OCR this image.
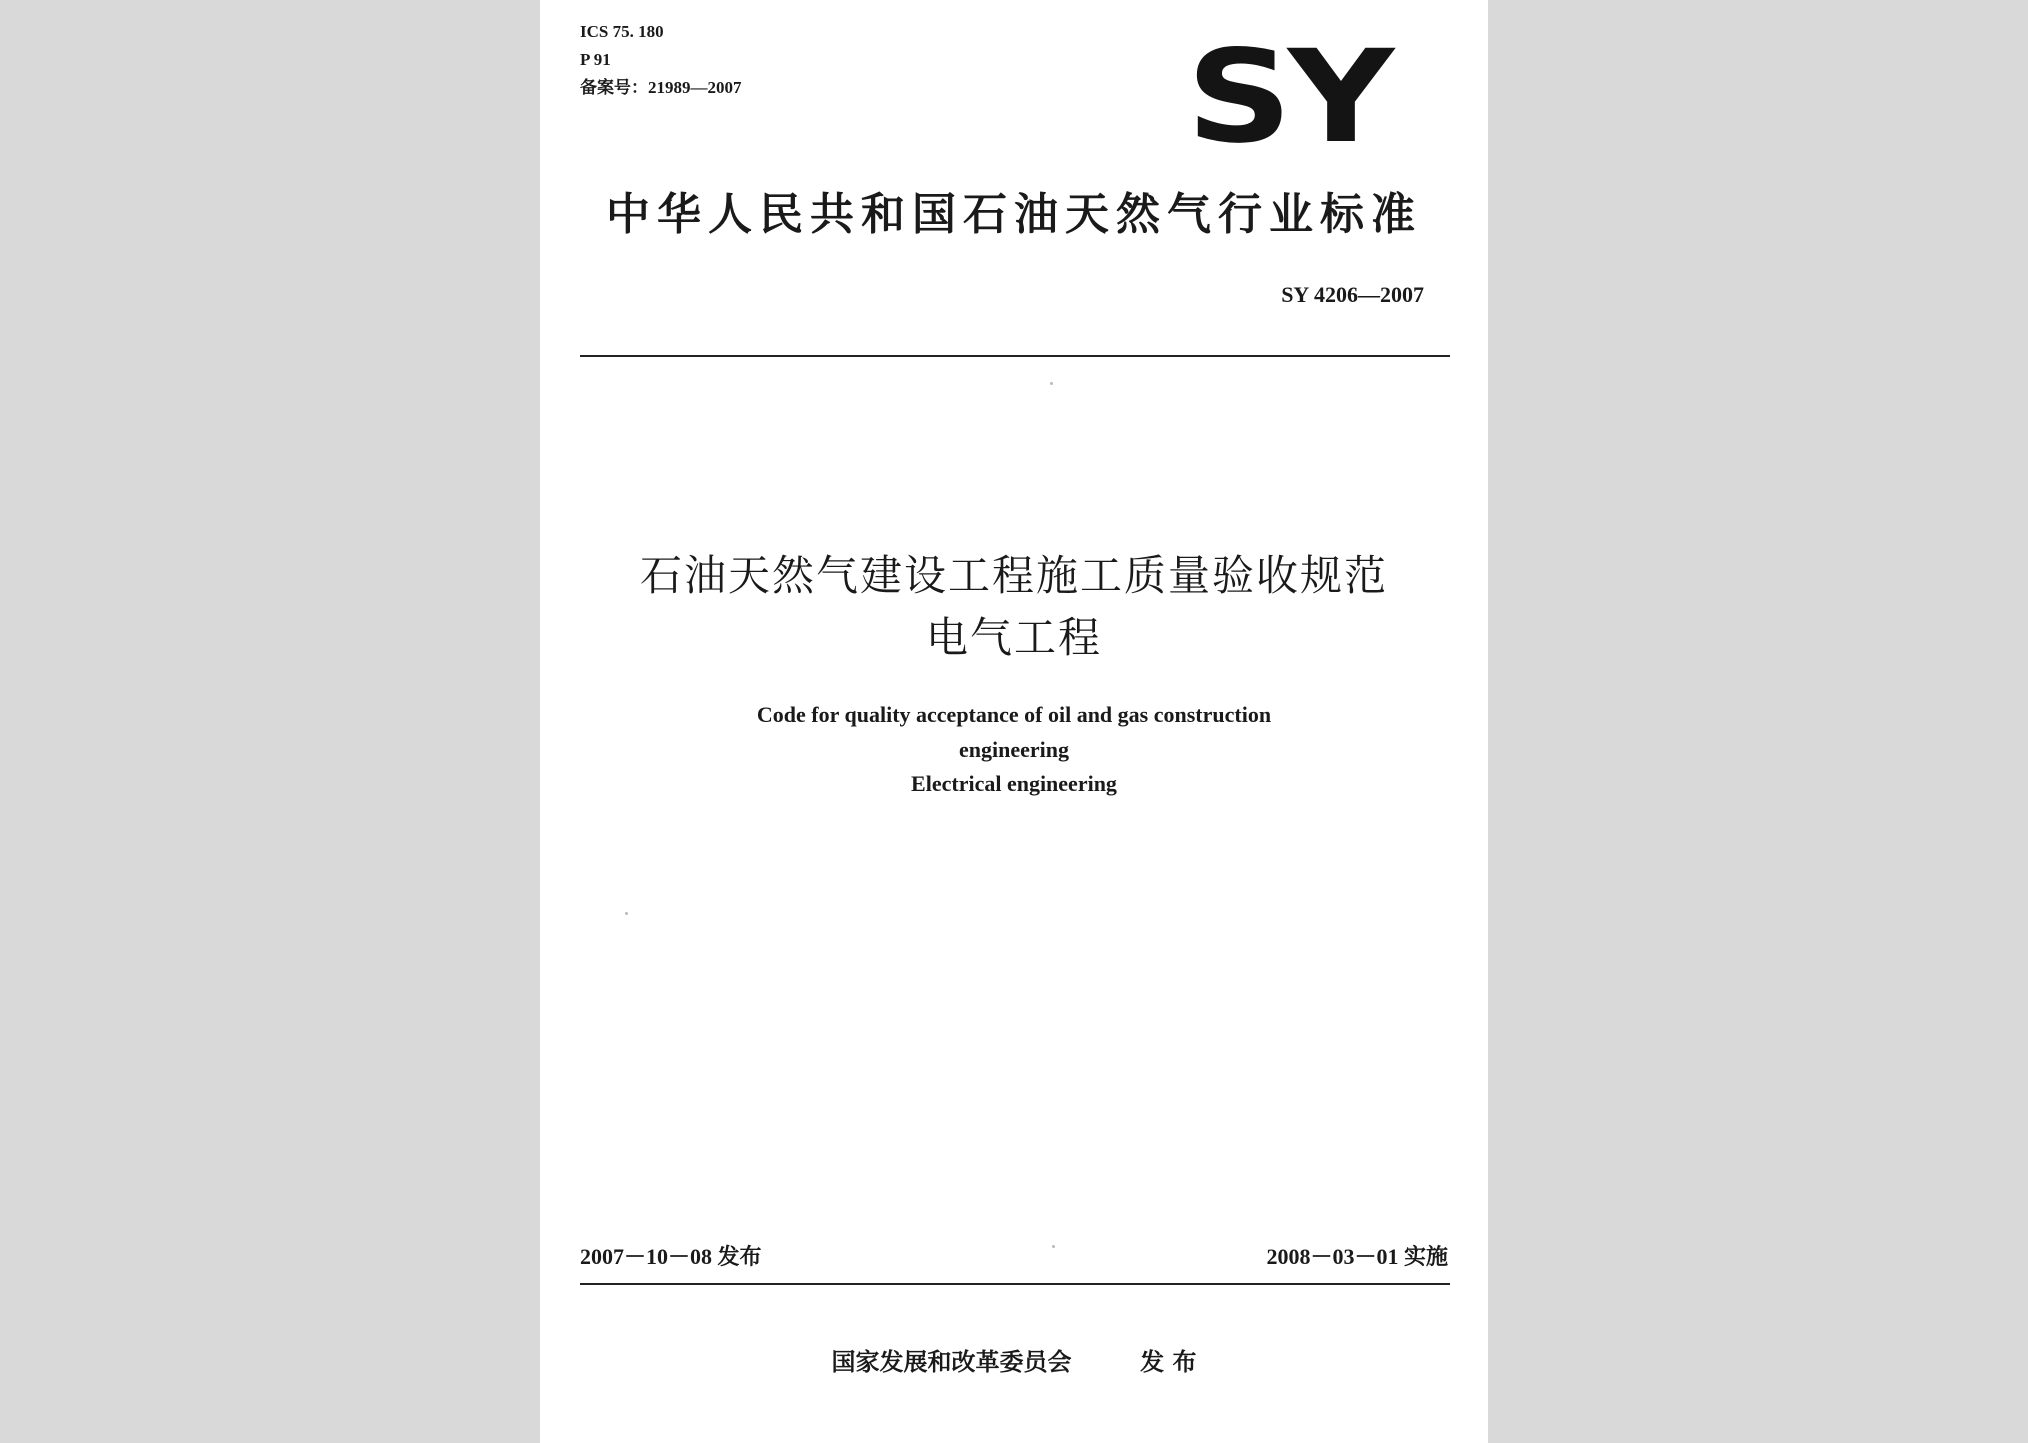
ICS 75. 180
P 91
备案号：21989—2007	SY
中华人民共和国石油天然气行业标准
SY 4206—2007
石油天然气建设工程施工质量验收规范
电气工程
Code for quality acceptance of oil and gas construction
engineering
Electrical engineering
2007－10－08 发布	2008－03－01 实施
国家发展和改革委员会	发 布
